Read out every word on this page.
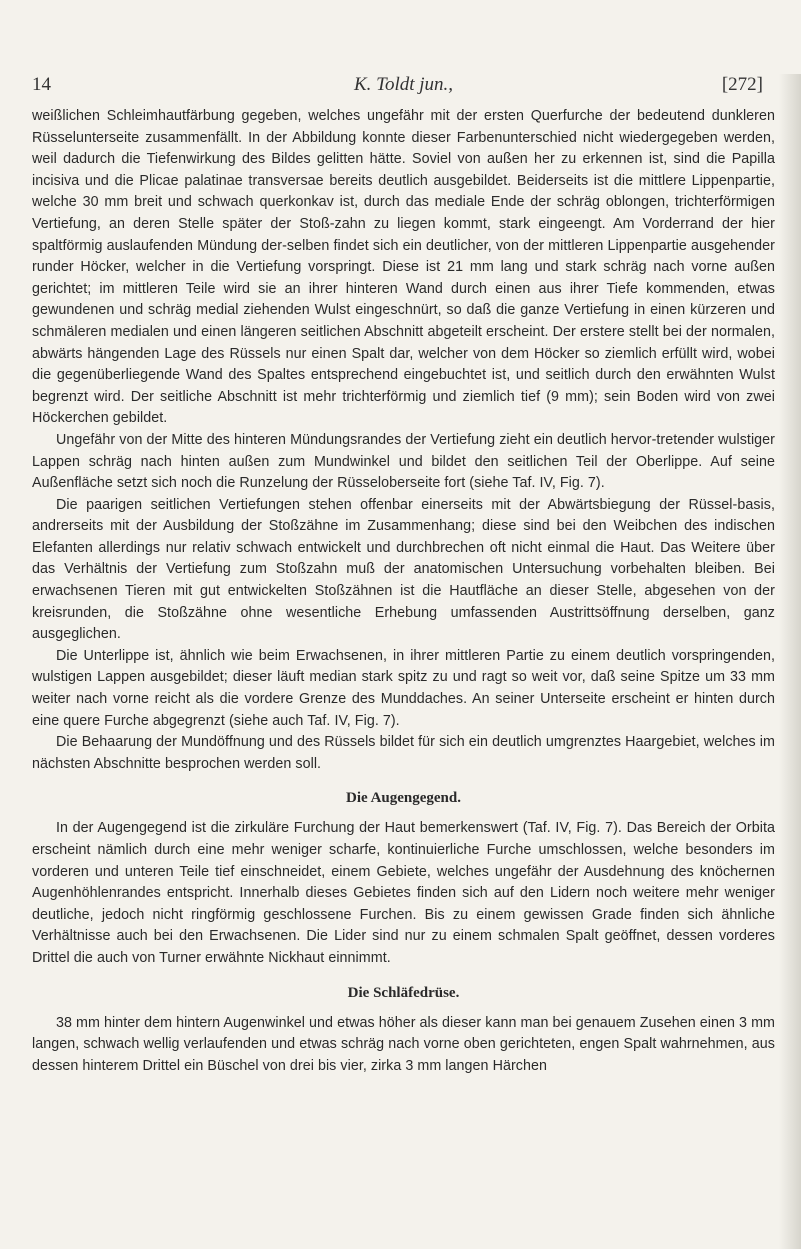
14	K. Toldt jun.,	[272]

weißlichen Schleimhautfärbung gegeben, welches ungefähr mit der ersten Querfurche der bedeutend dunkleren Rüsselunterseite zusammenfällt. In der Abbildung konnte dieser Farbenunterschied nicht wiedergegeben werden, weil dadurch die Tiefenwirkung des Bildes gelitten hätte. Soviel von außen her zu erkennen ist, sind die Papilla incisiva und die Plicae palatinae transversae bereits deutlich ausgebildet. Beiderseits ist die mittlere Lippenpartie, welche 30 mm breit und schwach querkonkav ist, durch das mediale Ende der schräg oblongen, trichterförmigen Vertiefung, an deren Stelle später der Stoß-zahn zu liegen kommt, stark eingeengt. Am Vorderrand der hier spaltförmig auslaufenden Mündung der-selben findet sich ein deutlicher, von der mittleren Lippenpartie ausgehender runder Höcker, welcher in die Vertiefung vorspringt. Diese ist 21 mm lang und stark schräg nach vorne außen gerichtet; im mittleren Teile wird sie an ihrer hinteren Wand durch einen aus ihrer Tiefe kommenden, etwas gewundenen und schräg medial ziehenden Wulst eingeschnürt, so daß die ganze Vertiefung in einen kürzeren und schmäleren medialen und einen längeren seitlichen Abschnitt abgeteilt erscheint. Der erstere stellt bei der normalen, abwärts hängenden Lage des Rüssels nur einen Spalt dar, welcher von dem Höcker so ziemlich erfüllt wird, wobei die gegenüberliegende Wand des Spaltes entsprechend eingebuchtet ist, und seitlich durch den erwähnten Wulst begrenzt wird. Der seitliche Abschnitt ist mehr trichterförmig und ziemlich tief (9 mm); sein Boden wird von zwei Höckerchen gebildet.

Ungefähr von der Mitte des hinteren Mündungsrandes der Vertiefung zieht ein deutlich hervor-tretender wulstiger Lappen schräg nach hinten außen zum Mundwinkel und bildet den seitlichen Teil der Oberlippe. Auf seine Außenfläche setzt sich noch die Runzelung der Rüsseloberseite fort (siehe Taf. IV, Fig. 7).

Die paarigen seitlichen Vertiefungen stehen offenbar einerseits mit der Abwärtsbiegung der Rüssel-basis, andrerseits mit der Ausbildung der Stoßzähne im Zusammenhang; diese sind bei den Weibchen des indischen Elefanten allerdings nur relativ schwach entwickelt und durchbrechen oft nicht einmal die Haut. Das Weitere über das Verhältnis der Vertiefung zum Stoßzahn muß der anatomischen Untersuchung vorbehalten bleiben. Bei erwachsenen Tieren mit gut entwickelten Stoßzähnen ist die Hautfläche an dieser Stelle, abgesehen von der kreisrunden, die Stoßzähne ohne wesentliche Erhebung umfassenden Austrittsöffnung derselben, ganz ausgeglichen.

Die Unterlippe ist, ähnlich wie beim Erwachsenen, in ihrer mittleren Partie zu einem deutlich vorspringenden, wulstigen Lappen ausgebildet; dieser läuft median stark spitz zu und ragt so weit vor, daß seine Spitze um 33 mm weiter nach vorne reicht als die vordere Grenze des Munddaches. An seiner Unterseite erscheint er hinten durch eine quere Furche abgegrenzt (siehe auch Taf. IV, Fig. 7).

Die Behaarung der Mundöffnung und des Rüssels bildet für sich ein deutlich umgrenztes Haargebiet, welches im nächsten Abschnitte besprochen werden soll.

Die Augengegend.

In der Augengegend ist die zirkuläre Furchung der Haut bemerkenswert (Taf. IV, Fig. 7). Das Bereich der Orbita erscheint nämlich durch eine mehr weniger scharfe, kontinuierliche Furche umschlossen, welche besonders im vorderen und unteren Teile tief einschneidet, einem Gebiete, welches ungefähr der Ausdehnung des knöchernen Augenhöhlenrandes entspricht. Innerhalb dieses Gebietes finden sich auf den Lidern noch weitere mehr weniger deutliche, jedoch nicht ringförmig geschlossene Furchen. Bis zu einem gewissen Grade finden sich ähnliche Verhältnisse auch bei den Erwachsenen. Die Lider sind nur zu einem schmalen Spalt geöffnet, dessen vorderes Drittel die auch von Turner erwähnte Nickhaut einnimmt.

Die Schläfedrüse.

38 mm hinter dem hintern Augenwinkel und etwas höher als dieser kann man bei genauem Zusehen einen 3 mm langen, schwach wellig verlaufenden und etwas schräg nach vorne oben gerichteten, engen Spalt wahrnehmen, aus dessen hinterem Drittel ein Büschel von drei bis vier, zirka 3 mm langen Härchen
